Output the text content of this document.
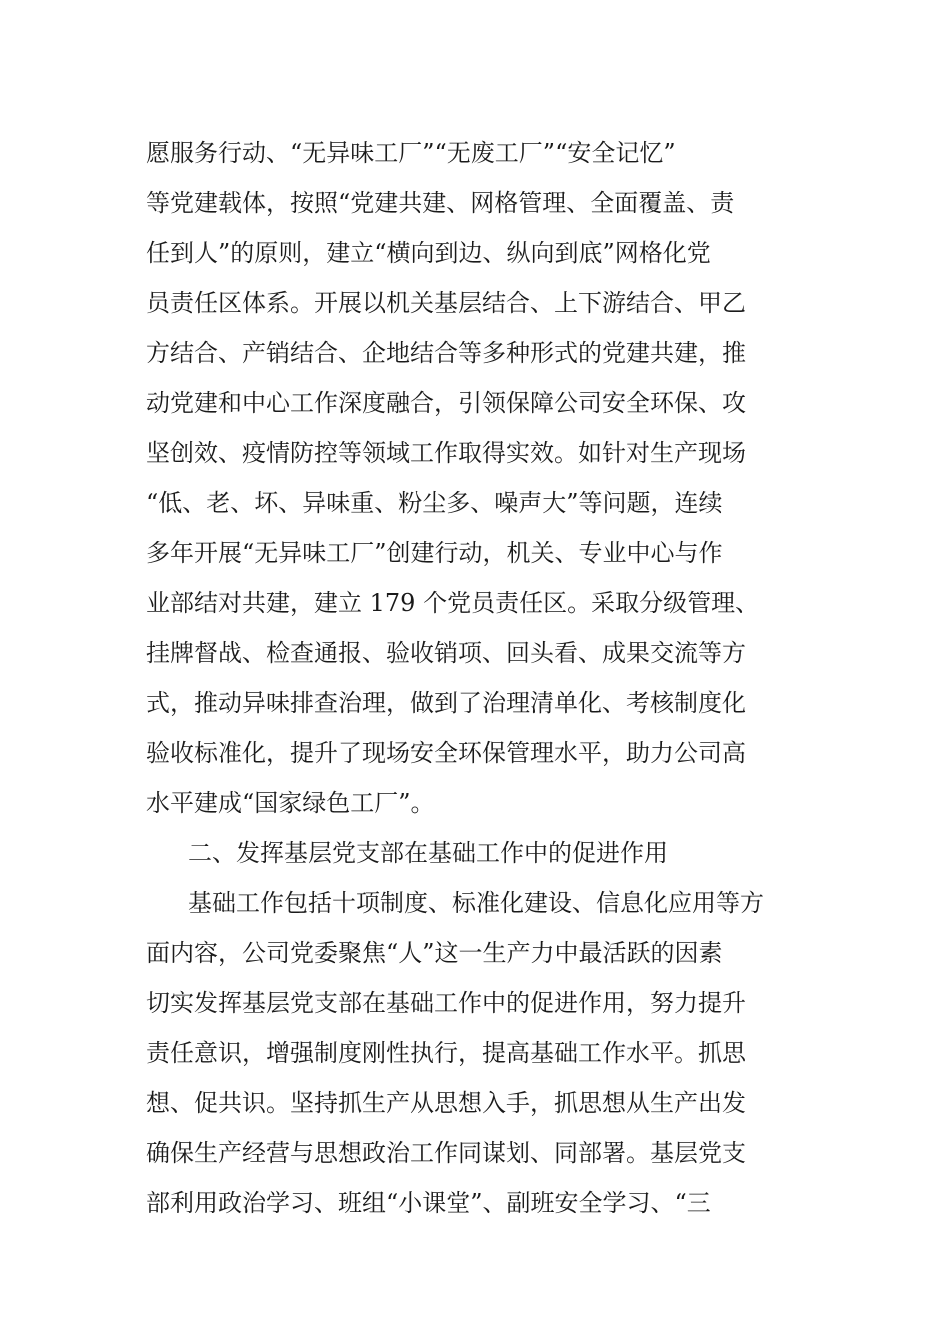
愿服务行动、“无异味工厂”“无废工厂”“安全记忆”
等党建载体，按照“党建共建、网格管理、全面覆盖、责
任到人”的原则，建立“横向到边、纵向到底”网格化党
员责任区体系。开展以机关基层结合、上下游结合、甲乙
方结合、产销结合、企地结合等多种形式的党建共建，推
动党建和中心工作深度融合，引领保障公司安全环保、攻
坚创效、疫情防控等领域工作取得实效。如针对生产现场
“低、老、坏、异味重、粉尘多、噪声大”等问题，连续
多年开展“无异味工厂”创建行动，机关、专业中心与作
业部结对共建，建立 179 个党员责任区。采取分级管理、
挂牌督战、检查通报、验收销项、回头看、成果交流等方
式，推动异味排查治理，做到了治理清单化、考核制度化
验收标准化，提升了现场安全环保管理水平，助力公司高
水平建成“国家绿色工厂”。
二、发挥基层党支部在基础工作中的促进作用
基础工作包括十项制度、标准化建设、信息化应用等方
面内容，公司党委聚焦“人”这一生产力中最活跃的因素
切实发挥基层党支部在基础工作中的促进作用，努力提升
责任意识，增强制度刚性执行，提高基础工作水平。抓思
想、促共识。坚持抓生产从思想入手，抓思想从生产出发
确保生产经营与思想政治工作同谋划、同部署。基层党支
部利用政治学习、班组“小课堂”、副班安全学习、“三
